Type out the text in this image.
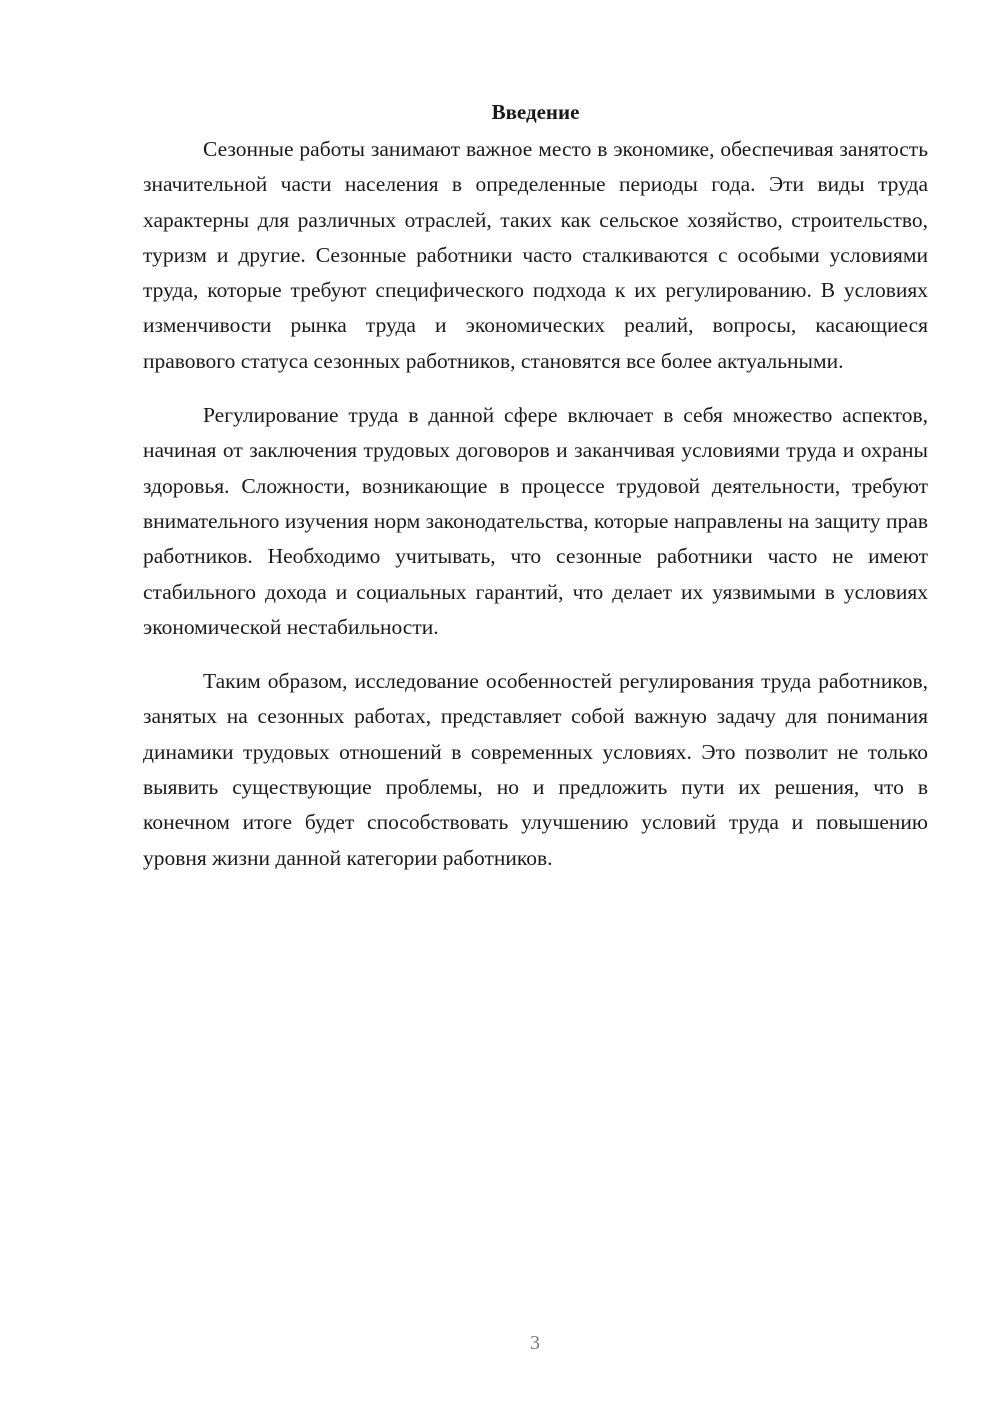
Введение

Сезонные работы занимают важное место в экономике, обеспечивая занятость значительной части населения в определенные периоды года. Эти виды труда характерны для различных отраслей, таких как сельское хозяйство, строительство, туризм и другие. Сезонные работники часто сталкиваются с особыми условиями труда, которые требуют специфического подхода к их регулированию. В условиях изменчивости рынка труда и экономических реалий, вопросы, касающиеся правового статуса сезонных работников, становятся все более актуальными.

Регулирование труда в данной сфере включает в себя множество аспектов, начиная от заключения трудовых договоров и заканчивая условиями труда и охраны здоровья. Сложности, возникающие в процессе трудовой деятельности, требуют внимательного изучения норм законодательства, которые направлены на защиту прав работников. Необходимо учитывать, что сезонные работники часто не имеют стабильного дохода и социальных гарантий, что делает их уязвимыми в условиях экономической нестабильности.

Таким образом, исследование особенностей регулирования труда работников, занятых на сезонных работах, представляет собой важную задачу для понимания динамики трудовых отношений в современных условиях. Это позволит не только выявить существующие проблемы, но и предложить пути их решения, что в конечном итоге будет способствовать улучшению условий труда и повышению уровня жизни данной категории работников.

3
